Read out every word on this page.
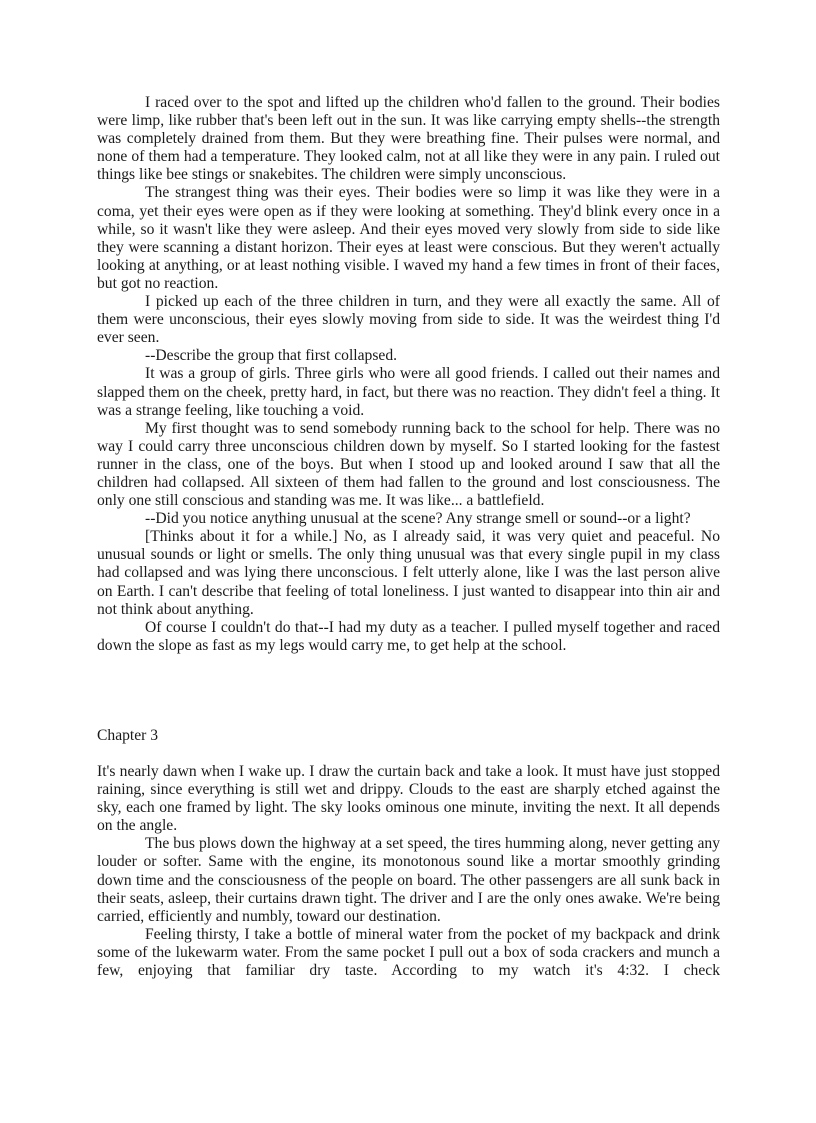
I raced over to the spot and lifted up the children who'd fallen to the ground. Their bodies were limp, like rubber that's been left out in the sun. It was like carrying empty shells--the strength was completely drained from them. But they were breathing fine. Their pulses were normal, and none of them had a temperature. They looked calm, not at all like they were in any pain. I ruled out things like bee stings or snakebites. The children were simply unconscious.

The strangest thing was their eyes. Their bodies were so limp it was like they were in a coma, yet their eyes were open as if they were looking at something. They'd blink every once in a while, so it wasn't like they were asleep. And their eyes moved very slowly from side to side like they were scanning a distant horizon. Their eyes at least were conscious. But they weren't actually looking at anything, or at least nothing visible. I waved my hand a few times in front of their faces, but got no reaction.

I picked up each of the three children in turn, and they were all exactly the same. All of them were unconscious, their eyes slowly moving from side to side. It was the weirdest thing I'd ever seen.

--Describe the group that first collapsed.

It was a group of girls. Three girls who were all good friends. I called out their names and slapped them on the cheek, pretty hard, in fact, but there was no reaction. They didn't feel a thing. It was a strange feeling, like touching a void.

My first thought was to send somebody running back to the school for help. There was no way I could carry three unconscious children down by myself. So I started looking for the fastest runner in the class, one of the boys. But when I stood up and looked around I saw that all the children had collapsed. All sixteen of them had fallen to the ground and lost consciousness. The only one still conscious and standing was me. It was like... a battlefield.

--Did you notice anything unusual at the scene? Any strange smell or sound--or a light?

[Thinks about it for a while.] No, as I already said, it was very quiet and peaceful. No unusual sounds or light or smells. The only thing unusual was that every single pupil in my class had collapsed and was lying there unconscious. I felt utterly alone, like I was the last person alive on Earth. I can't describe that feeling of total loneliness. I just wanted to disappear into thin air and not think about anything.

Of course I couldn't do that--I had my duty as a teacher. I pulled myself together and raced down the slope as fast as my legs would carry me, to get help at the school.

Chapter 3

It's nearly dawn when I wake up. I draw the curtain back and take a look. It must have just stopped raining, since everything is still wet and drippy. Clouds to the east are sharply etched against the sky, each one framed by light. The sky looks ominous one minute, inviting the next. It all depends on the angle.

The bus plows down the highway at a set speed, the tires humming along, never getting any louder or softer. Same with the engine, its monotonous sound like a mortar smoothly grinding down time and the consciousness of the people on board. The other passengers are all sunk back in their seats, asleep, their curtains drawn tight. The driver and I are the only ones awake. We're being carried, efficiently and numbly, toward our destination.

Feeling thirsty, I take a bottle of mineral water from the pocket of my backpack and drink some of the lukewarm water. From the same pocket I pull out a box of soda crackers and munch a few, enjoying that familiar dry taste. According to my watch it's 4:32. I check
